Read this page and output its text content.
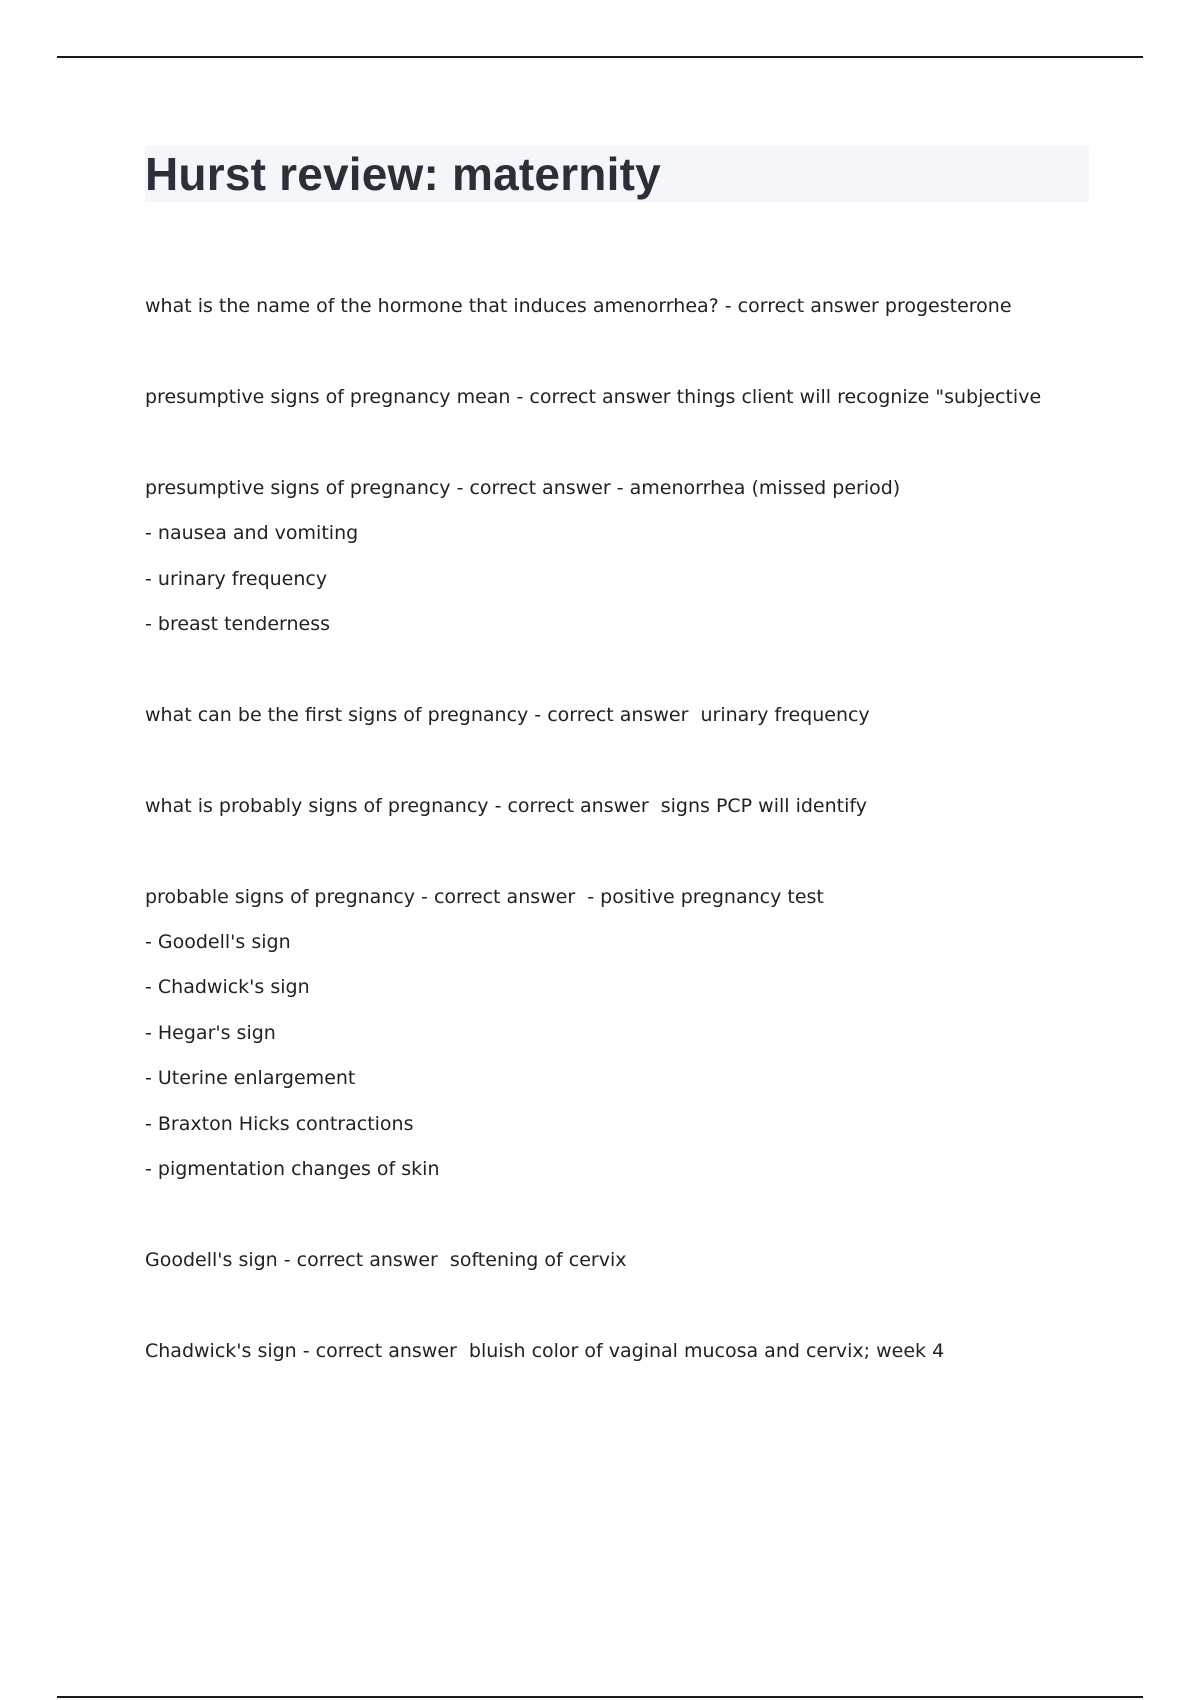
Hurst review: maternity

what is the name of the hormone that induces amenorrhea? - correct answer progesterone

presumptive signs of pregnancy mean - correct answer things client will recognize "subjective

presumptive signs of pregnancy - correct answer - amenorrhea (missed period)

- nausea and vomiting

- urinary frequency

- breast tenderness

what can be the first signs of pregnancy - correct answer  urinary frequency

what is probably signs of pregnancy - correct answer  signs PCP will identify

probable signs of pregnancy - correct answer  - positive pregnancy test

- Goodell's sign

- Chadwick's sign

- Hegar's sign

- Uterine enlargement

- Braxton Hicks contractions

- pigmentation changes of skin

Goodell's sign - correct answer  softening of cervix

Chadwick's sign - correct answer  bluish color of vaginal mucosa and cervix; week 4
